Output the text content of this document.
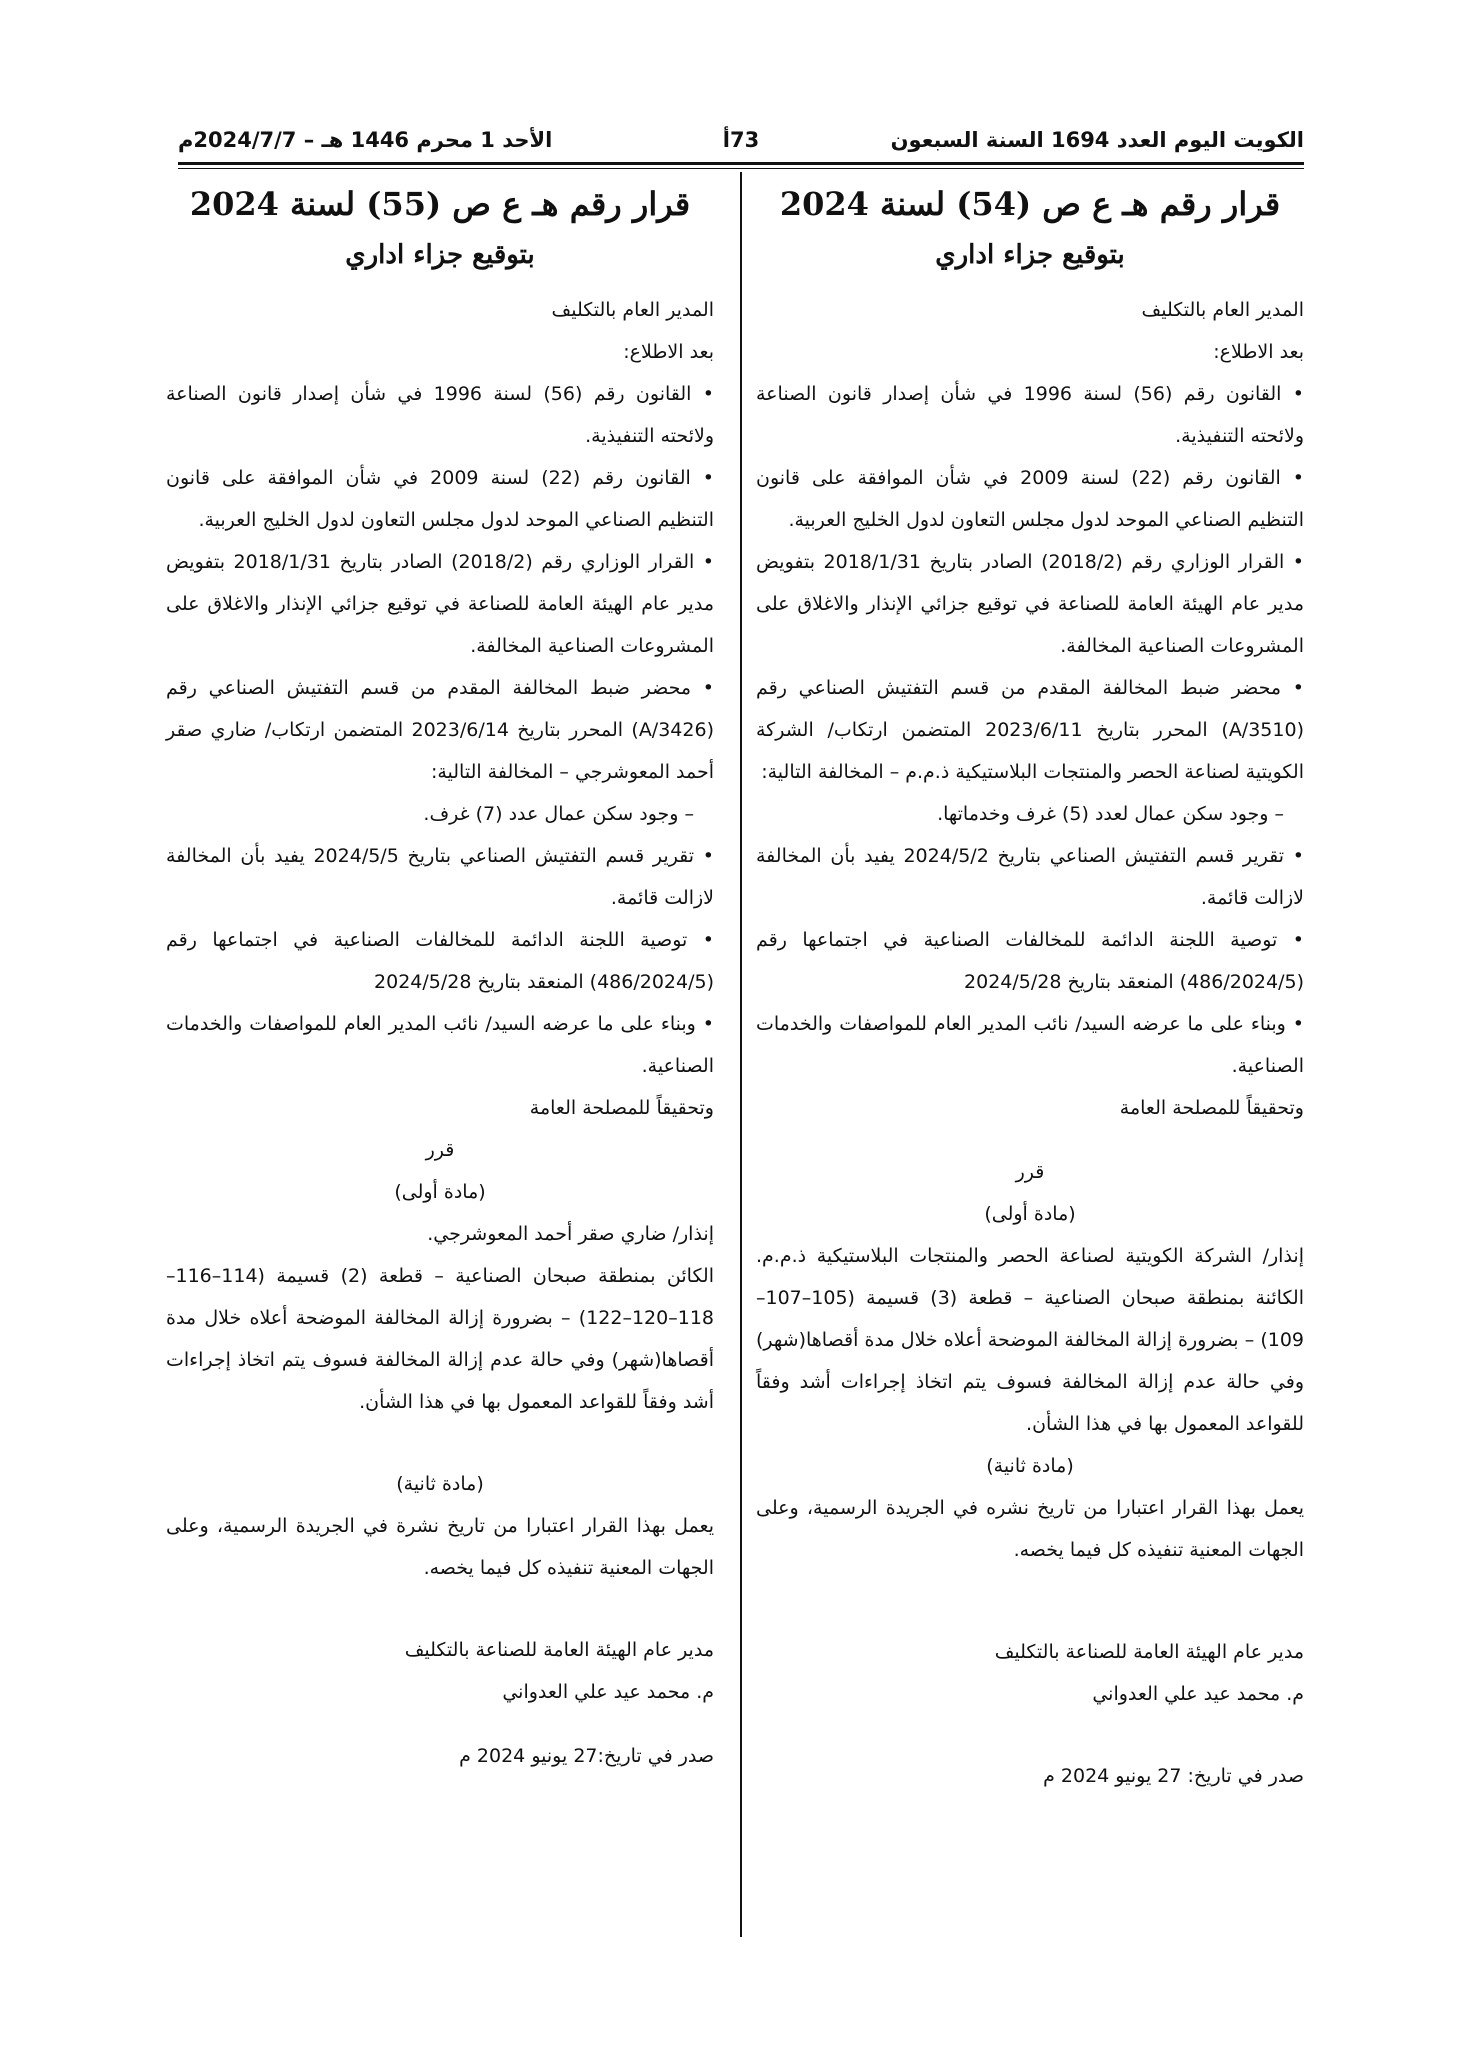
الكويت اليوم العدد 1694 السنة السبعون
73أ
الأحد 1 محرم 1446 هـ – 2024/7/7م

قرار رقم هـ ع ص (54) لسنة 2024

بتوقيع جزاء اداري

المدير العام بالتكليف

بعد الاطلاع:

• القانون رقم (56) لسنة 1996 في شأن إصدار قانون الصناعة ولائحته التنفيذية.

• القانون رقم (22) لسنة 2009 في شأن الموافقة على قانون التنظيم الصناعي الموحد لدول مجلس التعاون لدول الخليج العربية.

• القرار الوزاري رقم (2018/2) الصادر بتاريخ 2018/1/31 بتفويض مدير عام الهيئة العامة للصناعة في توقيع جزائي الإنذار والاغلاق على المشروعات الصناعية المخالفة.

• محضر ضبط المخالفة المقدم من قسم التفتيش الصناعي رقم (A/3510) المحرر بتاريخ 2023/6/11 المتضمن ارتكاب/ الشركة الكويتية لصناعة الحصر والمنتجات البلاستيكية ذ.م.م – المخالفة التالية:

– وجود سكن عمال لعدد (5) غرف وخدماتها.

• تقرير قسم التفتيش الصناعي بتاريخ 2024/5/2 يفيد بأن المخالفة لازالت قائمة.

• توصية اللجنة الدائمة للمخالفات الصناعية في اجتماعها رقم (486/2024/5) المنعقد بتاريخ 2024/5/28

• وبناء على ما عرضه السيد/ نائب المدير العام للمواصفات والخدمات الصناعية.

وتحقيقاً للمصلحة العامة

قرر

(مادة أولى)

إنذار/ الشركة الكويتية لصناعة الحصر والمنتجات البلاستيكية ذ.م.م. الكائنة بمنطقة صبحان الصناعية – قطعة (3) قسيمة (105–107–109) – بضرورة إزالة المخالفة الموضحة أعلاه خلال مدة أقصاها(شهر) وفي حالة عدم إزالة المخالفة فسوف يتم اتخاذ إجراءات أشد وفقاً للقواعد المعمول بها في هذا الشأن.

(مادة ثانية)

يعمل بهذا القرار اعتبارا من تاريخ نشره في الجريدة الرسمية، وعلى الجهات المعنية تنفيذه كل فيما يخصه.

مدير عام الهيئة العامة للصناعة بالتكليف

م. محمد عيد علي العدواني

صدر في تاريخ: 27 يونيو 2024 م

قرار رقم هـ ع ص (55) لسنة 2024

بتوقيع جزاء اداري

المدير العام بالتكليف

بعد الاطلاع:

• القانون رقم (56) لسنة 1996 في شأن إصدار قانون الصناعة ولائحته التنفيذية.

• القانون رقم (22) لسنة 2009 في شأن الموافقة على قانون التنظيم الصناعي الموحد لدول مجلس التعاون لدول الخليج العربية.

• القرار الوزاري رقم (2018/2) الصادر بتاريخ 2018/1/31 بتفويض مدير عام الهيئة العامة للصناعة في توقيع جزائي الإنذار والاغلاق على المشروعات الصناعية المخالفة.

• محضر ضبط المخالفة المقدم من قسم التفتيش الصناعي رقم (A/3426) المحرر بتاريخ 2023/6/14 المتضمن ارتكاب/ ضاري صقر أحمد المعوشرجي – المخالفة التالية:

– وجود سكن عمال عدد (7) غرف.

• تقرير قسم التفتيش الصناعي بتاريخ 2024/5/5 يفيد بأن المخالفة لازالت قائمة.

• توصية اللجنة الدائمة للمخالفات الصناعية في اجتماعها رقم (486/2024/5) المنعقد بتاريخ 2024/5/28

• وبناء على ما عرضه السيد/ نائب المدير العام للمواصفات والخدمات الصناعية.

وتحقيقاً للمصلحة العامة

قرر

(مادة أولى)

إنذار/ ضاري صقر أحمد المعوشرجي.

الكائن بمنطقة صبحان الصناعية – قطعة (2) قسيمة (114–116–118–120–122) – بضرورة إزالة المخالفة الموضحة أعلاه خلال مدة أقصاها(شهر) وفي حالة عدم إزالة المخالفة فسوف يتم اتخاذ إجراءات أشد وفقاً للقواعد المعمول بها في هذا الشأن.

(مادة ثانية)

يعمل بهذا القرار اعتبارا من تاريخ نشرة في الجريدة الرسمية، وعلى الجهات المعنية تنفيذه كل فيما يخصه.

مدير عام الهيئة العامة للصناعة بالتكليف

م. محمد عيد علي العدواني

صدر في تاريخ:27 يونيو 2024 م
